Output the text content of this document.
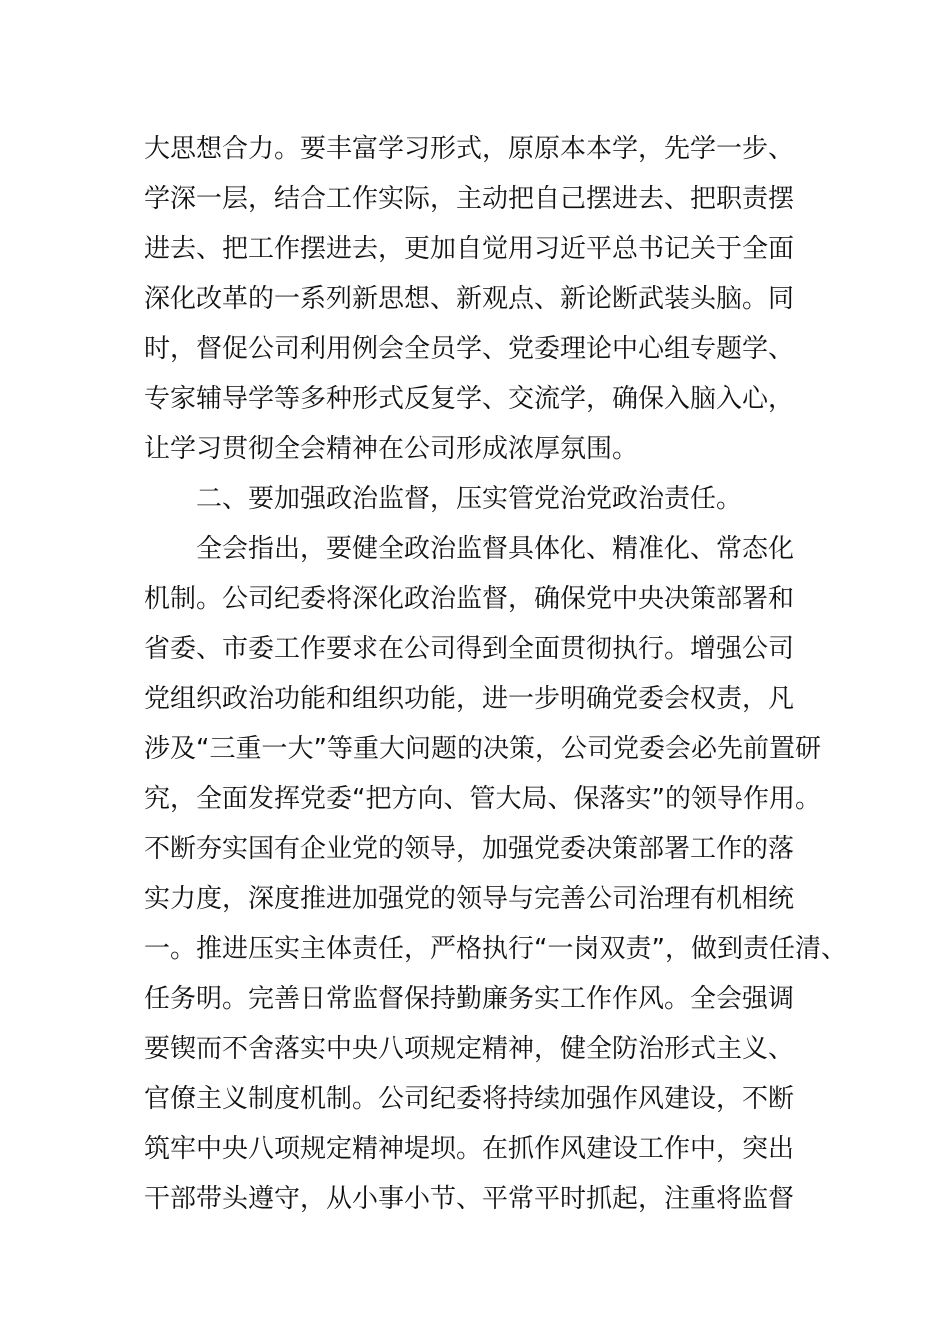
大思想合力。要丰富学习形式，原原本本学，先学一步、
学深一层，结合工作实际，主动把自己摆进去、把职责摆
进去、把工作摆进去，更加自觉用习近平总书记关于全面
深化改革的一系列新思想、新观点、新论断武装头脑。同
时，督促公司利用例会全员学、党委理论中心组专题学、
专家辅导学等多种形式反复学、交流学，确保入脑入心，
让学习贯彻全会精神在公司形成浓厚氛围。
二、要加强政治监督，压实管党治党政治责任。
全会指出，要健全政治监督具体化、精准化、常态化
机制。公司纪委将深化政治监督，确保党中央决策部署和
省委、市委工作要求在公司得到全面贯彻执行。增强公司
党组织政治功能和组织功能，进一步明确党委会权责，凡
涉及“三重一大”等重大问题的决策，公司党委会必先前置研
究，全面发挥党委“把方向、管大局、保落实”的领导作用。
不断夯实国有企业党的领导，加强党委决策部署工作的落
实力度，深度推进加强党的领导与完善公司治理有机相统
一。推进压实主体责任，严格执行“一岗双责”，做到责任清、
任务明。完善日常监督保持勤廉务实工作作风。全会强调
要锲而不舍落实中央八项规定精神，健全防治形式主义、
官僚主义制度机制。公司纪委将持续加强作风建设，不断
筑牢中央八项规定精神堤坝。在抓作风建设工作中，突出
干部带头遵守，从小事小节、平常平时抓起，注重将监督
